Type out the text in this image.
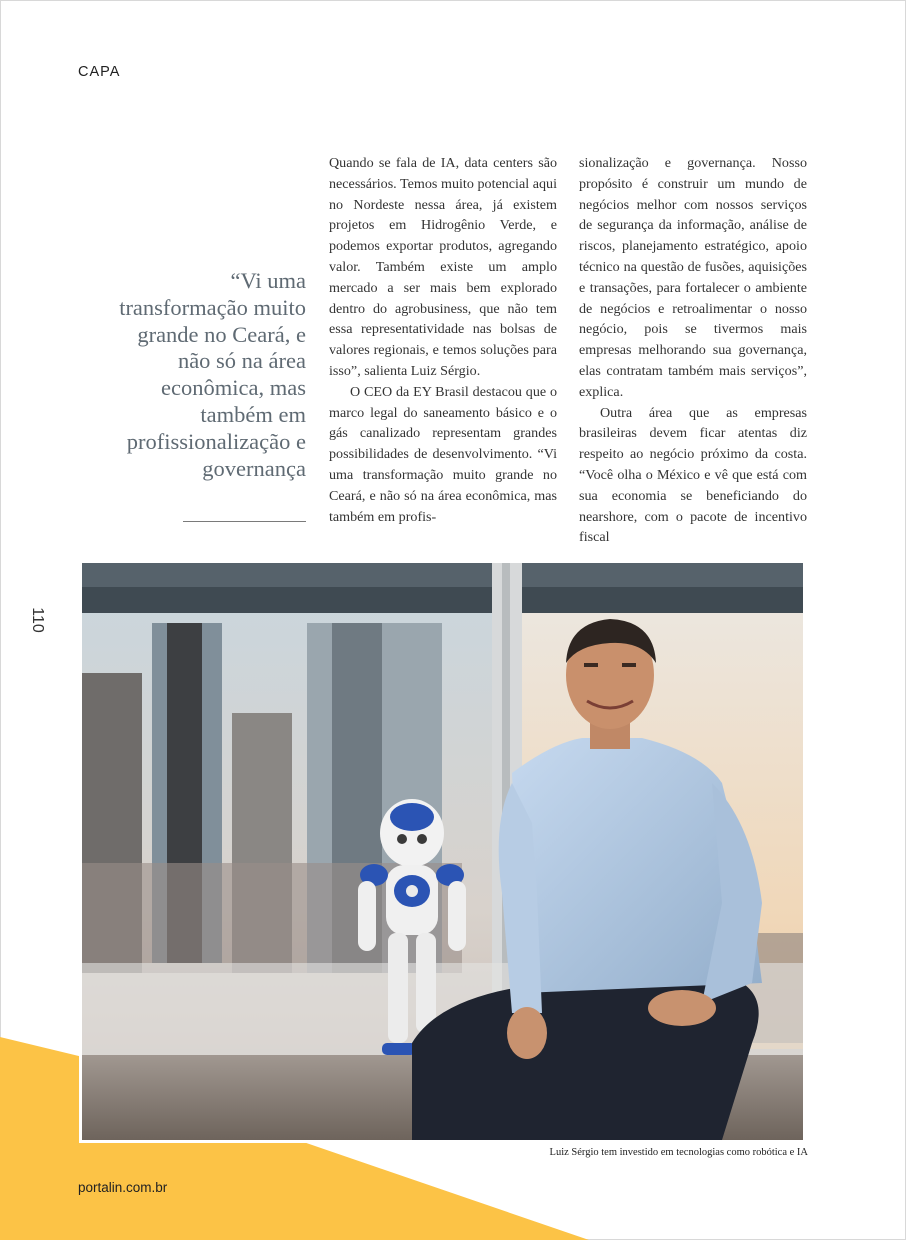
CAPA
110
“Vi uma transformação muito grande no Ceará, e não só na área econômica, mas também em profissionalização e governança

Quando se fala de IA, data centers são necessários. Temos muito potencial aqui no Nordeste nessa área, já existem projetos em Hidrogênio Verde, e podemos exportar produtos, agregando valor. Também existe um amplo mercado a ser mais bem explorado dentro do agrobusiness, que não tem essa representatividade nas bolsas de valores regionais, e temos soluções para isso”, salienta Luiz Sérgio.

O CEO da EY Brasil destacou que o marco legal do saneamento básico e o gás canalizado representam grandes possibilidades de desenvolvimento. “Vi uma transformação muito grande no Ceará, e não só na área econômica, mas também em profis-

sionalização e governança. Nosso propósito é construir um mundo de negócios melhor com nossos serviços de segurança da informação, análise de riscos, planejamento estratégico, apoio técnico na questão de fusões, aquisições e transações, para fortalecer o ambiente de negócios e retroalimentar o nosso negócio, pois se tivermos mais empresas melhorando sua governança, elas contratam também mais serviços”, explica.

Outra área que as empresas brasileiras devem ficar atentas diz respeito ao negócio próximo da costa. “Você olha o México e vê que está com sua economia se beneficiando do nearshore, com o pacote de incentivo fiscal

Luiz Sérgio tem investido em tecnologias como robótica e IA
portalin.com.br
